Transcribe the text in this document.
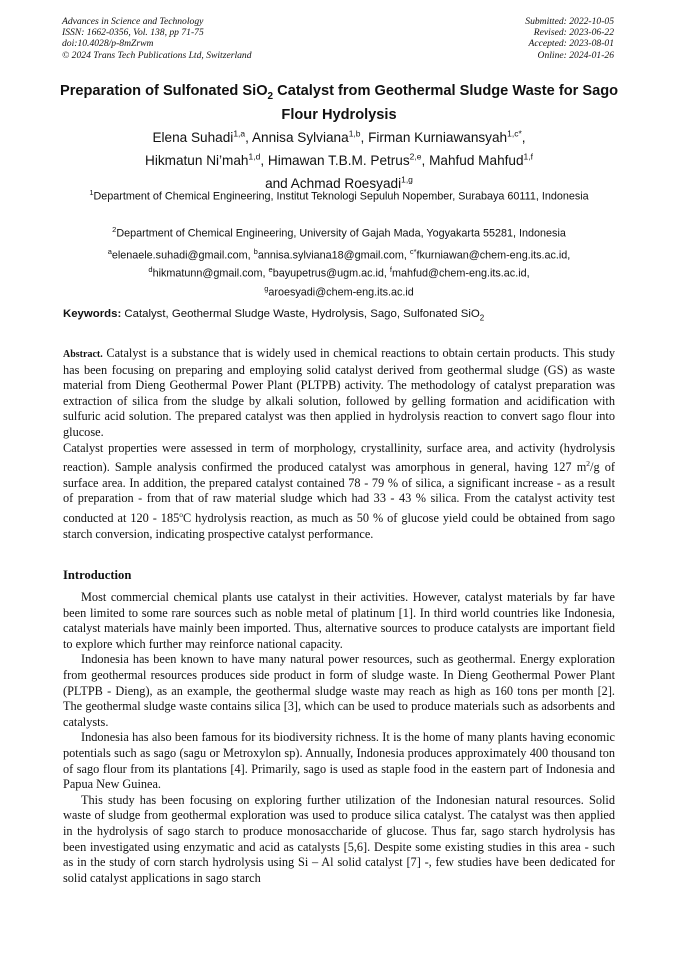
Advances in Science and Technology
ISSN: 1662-0356, Vol. 138, pp 71-75
doi:10.4028/p-8mZrwm
© 2024 Trans Tech Publications Ltd, Switzerland
Submitted: 2022-10-05
Revised: 2023-06-22
Accepted: 2023-08-01
Online: 2024-01-26
Preparation of Sulfonated SiO$_2$ Catalyst from Geothermal Sludge Waste for Sago Flour Hydrolysis
Elena Suhadi$^{1,a}$, Annisa Sylviana$^{1,b}$, Firman Kurniawansyah$^{1,c*}$,
Hikmatun Ni’mah$^{1,d}$, Himawan T.B.M. Petrus$^{2,e}$, Mahfud Mahfud$^{1,f}$
and Achmad Roesyadi$^{1,g}$
$^1$Department of Chemical Engineering, Institut Teknologi Sepuluh Nopember, Surabaya 60111, Indonesia
$^2$Department of Chemical Engineering, University of Gajah Mada, Yogyakarta 55281, Indonesia
$^a$elenaele.suhadi@gmail.com, $^b$annisa.sylviana18@gmail.com, $^{c*}$fkurniawan@chem-eng.its.ac.id,
$^d$hikmatunn@gmail.com, $^e$bayupetrus@ugm.ac.id, $^f$mahfud@chem-eng.its.ac.id,
$^g$aroesyadi@chem-eng.its.ac.id
Keywords: Catalyst, Geothermal Sludge Waste, Hydrolysis, Sago, Sulfonated SiO$_2$

Abstract. Catalyst is a substance that is widely used in chemical reactions to obtain certain products. This study has been focusing on preparing and employing solid catalyst derived from geothermal sludge (GS) as waste material from Dieng Geothermal Power Plant (PLTPB) activity. The methodology of catalyst preparation was extraction of silica from the sludge by alkali solution, followed by gelling formation and acidification with sulfuric acid solution. The prepared catalyst was then applied in hydrolysis reaction to convert sago flour into glucose.

Catalyst properties were assessed in term of morphology, crystallinity, surface area, and activity (hydrolysis reaction). Sample analysis confirmed the produced catalyst was amorphous in general, having 127 $m^2/g$ of surface area. In addition, the prepared catalyst contained 78 - 79 % of silica, a significant increase - as a result of preparation - from that of raw material sludge which had 33 - 43 % silica. From the catalyst activity test conducted at 120 - 185$^o$C hydrolysis reaction, as much as 50 % of glucose yield could be obtained from sago starch conversion, indicating prospective catalyst performance.

Introduction

Most commercial chemical plants use catalyst in their activities. However, catalyst materials by far have been limited to some rare sources such as noble metal of platinum [1]. In third world countries like Indonesia, catalyst materials have mainly been imported. Thus, alternative sources to produce catalysts are important field to explore which further may reinforce national capacity.

Indonesia has been known to have many natural power resources, such as geothermal. Energy exploration from geothermal resources produces side product in form of sludge waste. In Dieng Geothermal Power Plant (PLTPB - Dieng), as an example, the geothermal sludge waste may reach as high as 160 tons per month [2]. The geothermal sludge waste contains silica [3], which can be used to produce materials such as adsorbents and catalysts.

Indonesia has also been famous for its biodiversity richness. It is the home of many plants having economic potentials such as sago (sagu or Metroxylon sp). Annually, Indonesia produces approximately 400 thousand ton of sago flour from its plantations [4]. Primarily, sago is used as staple food in the eastern part of Indonesia and Papua New Guinea.

This study has been focusing on exploring further utilization of the Indonesian natural resources. Solid waste of sludge from geothermal exploration was used to produce silica catalyst. The catalyst was then applied in the hydrolysis of sago starch to produce monosaccharide of glucose. Thus far, sago starch hydrolysis has been investigated using enzymatic and acid as catalysts [5,6]. Despite some existing studies in this area - such as in the study of corn starch hydrolysis using Si – Al solid catalyst [7] -, few studies have been dedicated for solid catalyst applications in sago starch
